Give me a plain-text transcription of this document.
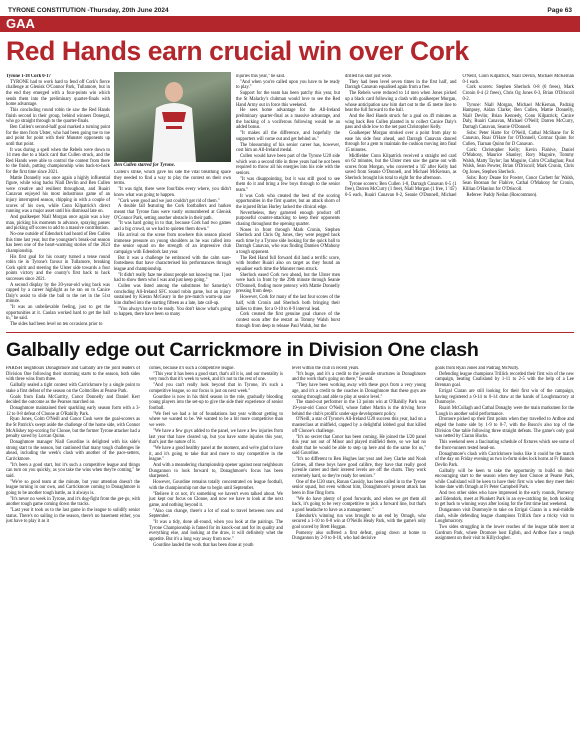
TYRONE CONSTITUTION -Thursday, 20th June 2024	Page 63
GAA
Red Hands earn crucial win over Cork

Tyrone 1-18 Cork 0-17

TYRONE had to work hard to fend off Cork's fierce challenge at Glenisk O'Connor Park, Tullamore, but in the end they emerged with a four-points win which sends them into the preliminary quarter-finals with home advantage.

This concluding round robin tie saw the Red Hands finish second in their group, behind winners Donegal, who go straight through to the quarter-finals.

Ben Cullen's second-half goal marked a turning point for the men from Ulster, who had been going toe to toe and point for point with their Munster opponents up until that point.

It was during a spell when the Rebels were down to 14 men due to a black card that Cullen struck, and the Red Hands were able to control the contest from there to the finish, putting championship wins back-to-back for the first time since 2021.

Mattie Donnelly was once again a highly influential figure, while wing backs Niall Devlin and Ben Cullen were creative and resilient throughout, and Ruairi Canavan enjoyed his most industrious game of an injury interrupted season, chipping in with a couple of scores of his own, while Conn Kilpatrick's direct running was a major asset until his dismissal late on.

And goalkeeper Niall Morgan once again was a key man, picking his moments to advance, spraying passes and picking off scores to add to a massive contribution.

No-one outside of Edendork had heard of Ben Cullen this time last year, but the youngster's break-out season has been one of the heart-warming stories of the 2024 championship.

His first goal for his county turned a tense round robin tie in Tyrone's favour in Tullamore, breaking Cork spirit and steering the Ulster side towards a four points victory and the county's first back to back successes since 2021.

A second display by the 20-year-old wing back was capped by a career highlight as he ran on to Canice Daly's assist to slide the ball to the net in the 51st minute.

"It was an unbelievable feeling, just to get the opportunities at it. Caolan worked hard to get the ball in," he said.

The sides had been level on ten occasions prior to

Ben Cullen starred for Tyrone.

Cullen's strike, which gave his side the vital breathing space they needed to find a way to play the contest on their own terms.

"It was tight, there were four/fabs every where, you didn't know what was going to happen.

"Cork were good and we just couldn't get rid of them."

A double fall featuring the Cork footballers and harken meant that Tyrone fans were vastly outnumbered at Glenisk O'Connor Park, setting another obstacle in their path.

"It was hard going in to that, because Cork had two games and a big crowd, so we had to quieten them down."

His arrival on the scene from nowhere this season placed immense pressure on young shoulders as he was called into the senior squad on the strength of an impressive club campaign with Edendork last year.

But it was a challenge he embraced with the calm sure-footedness that have characterised his performances through league and championship.

"It didn't really faze me about people not knowing me. I just had to show them who I was and just keep going."

Cullen was listed among the substitutes for Saturday's concluding All-Ireland SFC round robin game, but an injury sustained by Kieran McGeary in the pre-match warm-up saw him drafted into the starting fifteen as a late, late call-up.

"You always have to be ready. You don't know what's going to happen, there have been so many

injuries this year," he said.

"And when you're called upon you have to be ready to play."

Support for the team has been patchy this year, but the St Malachy's clubman would love to see the Red Hand Army out in force this weekend.

He sees home advantage for the All-Ireland preliminary quarter-final as a massive advantage, and the backing of a vociferous following would be an added bonus.

"It makes all the difference, and hopefully the supporters will come out and get behind us."

The blossoming of his senior career has, however, cost him an All-Ireland medal.

Cullen would have been part of the Tyrone U20 side which won a second title in three years had he not been required to throw all his energies into his role with the seniors.

"It was disappointing, but it was still good to see them do it and bring a few boys through to the senior team."

It was Cork who created the best of the scoring opportunities in the first quarter, but an attack shorn of the injured Brian Hurley lacked the clinical edge.

Nevertheless, they garnered enough product off purposeful counter-attacking to keep their opponents chasing throughout the opening quarter.

Noses in front through Mark Cronin, Stephen Sherlock and Chris Og Jones, they were pegged back each time by a Tyrone side looking for the quick ball to Darragh Canavan, who was finding Damien O'Mahony a tough opponent.

The Red Hand full forward did land a terrific score, with brother Ruairi also on target as they found an equaliser each time the Munster men struck.

Sherlock eased Cork two ahead, but the Ulster men were back in front by the 29th minute through Seanie O'Donnell, finding more potency with Mattie Donnelly pressing from deep.

However, Cork for many of the last four scores of the half, with Cronin and Sherlock both bringing their tallies to three, for a 0-10 to 0-9 interval lead.

Cork created the first genuine goal chance of the contest soon after the restart as Tommy Walsh burst through from deep to release Paul Walsh, but the

drilled his shot just wide.

They had been level seven times in the first half, and Darragh Canavan equalised again from a free.

The Rebels were reduced to 14 men when Jones picked up a black card following a clash with goalkeeper Morgan, whose anticipation saw him dart out to the 45 metre line to beat the full forward to the ball.

And the Red Hands struck for a goal on 49 minutes as wing back Ben Cullen planted in to collect Canice Daly's pass and slide low to the net past Christopher Kelly.

Goalkeeper Morgan stroked over a point from play to ease his side four ahead, and Darragh Canavan danced through for a gem to maintain the cushion moving into final 15 minutes.

Midfielder Conn Kilpatrick received a straight red card on 62 minutes, but the Ulster men saw the game out with scores from Morgan, who converted a '45' after Kelly had saved from Seanie O'Donnell, and Michael McKernan, as Sherlock brought his total to eight for the afternoon.

Tyrone scorers: Ben Cullen 1-0, Darragh Canavan 0-5 (1 free), Darren McCurry (1 free), Niall Morgan (1 free, 1 '45') 0-5 each, Ruairi Canavan 0-2, Seanie O'Donnell, Michael O'Neill, Conn Kilpatrick, Niall Devlin, Michael McKernan 0-1 each.

Cork scorers: Stephen Sherlock 0-8 (6 frees), Mark Cronin 0-4 (2 frees), Chris Og Jones 0-3, Brian O'Driscoll 0-2.

Tyrone: Niall Morgan, Michael McKernan, Padraig Hampsey, Aidan Clarke; Ben Cullen, Mattie Donnelly, Niall Devlin; Brian Kennedy, Conn Kilpatrick; Canice Daly, Ruairi Canavan, Michael O'Neill; Darren McCurry, Darragh Canavan, Seanie O'Donnell.

Subs: Peter Harte for O'Neill, Cathal McShane for R Canavan, Ruai O'Hare for O'Donnell, Cormac Quinn for Cullen, Tiarnan Quinn for D Canavan.

Cork: Christopher Kelly; Kevin Flahive, Daniel O'Mahony, Maurice Shanley; Rory Maguire, Tommy Walsh, Matty Taylor; Ian Maguire, Colm O'Callaghan; Paul Walsh, Sean Powter, Brian O'Driscoll; Mark Cronin, Chris Og Jones, Stephen Sherlock.

Subs: Rory Deane for Powter, Conor Corbett for Walsh, Sean Brosnan for Flahive, Cathal O'Mahony for Cronin, Killian O'Hanlon for O'Driscoll.

Referee: Paddy Neilan (Roscommon).

Galbally edge out Carrickmore in Division One clash

PARISH neighbours Donaghmore and Galbally are the joint leaders of Division One following their storming starts to the season, both sides with three wins from three.

Galbally sealed a tight contest with Carrickmore by a single point to stake a first defeat of the season on the Colmcilles at Pearse Park.

Goals from Enda McGarrity, Conor Donnelly and Daniel Kerr decided the outcome as the Pearses marched on.

Donaghmore maintained their sparkling early season form with a 3-12 to 0-8 defeat of Clonoe at O'Rahilly Park.

Ryan Jones, Colm O'Neill and Conor Cush were the goal-scorers as the St Patrick's swept aside the challenge of the home side, with Connor McAliskey top-scoring for Clonoe, but the former Tyrone attacker had a penalty saved by Lorcan Quinn.

Donaghmore manager Niall Gourdine is delighted with his side's strong start to the season, but cautioned that many tough challenges lie ahead, including the week's clash with another of the pace-setters, Carrickmore.

"It's been a good start, but it's such a competitive league and things can turn on you quickly, as you take the wins when they're coming," he said.

"We're so good team at the minute, but your attention doesn't the league turning in our own, and Carrickmore coming to Donaghmore is going to be another tough battle, as it always is.

"It's never no week in Tyrone, and it's dog-fight from the get-go, with another tough game coming down the tracks.

"Last year it took us to the last game in the league to solidify senior status. There's no sailing in the season, there's no basement either, you just have to play it as it

comes, because it's such a competitive league.

"This year it has been a good start, that's all it is, and our mentality is very much that it's week to week, and it's not to the rest of one.

"And you can't really look beyond that in Tyrone, it's such a competitive league, so our focus is just on next week."

Gourdine is now in his third season in the role, gradually blooding young players into the set-up to give the side their experience of senior football.

"We feel we had a lot of foundations last year without getting to where we wanted to be. We wanted to be a bit more competitive than we were.

"We have a few guys added to the panel, we have a few injuries from last year that have cleared up, but you have some injuries this year, that's just the nature of it.

"We have a good healthy panel at the moment, and we're glad to have it, and it's going to take that and more to stay competitive in the league."

And with a meandering championship opener against near neighbours Dungannon to look forward to, Donaghmore's focus has been sharpened.

However, Gourdine remains totally concentrated on league football, with the championship not due to begin until September.

"Believe it or not, it's something we haven't even talked about. We just kept our focus on Clonoe, and now we have to look at the next game, and nothing beyond it.

"Also can change, there's a lot of road to travel between now and September.

"It was a tidy, done all-round, when you look at the pairings. The Tyrone Championship is famed for its knock-out and for its quality and everything else, and looking at the draw, it will definitely whet the appetite. But it's a long way away from now."

Gourdine lauded the work that has been done at youth

level within the club in recent years.

"It's huge, and it's a credit to the juvenile structures in Donaghmore and the work that's going on there," he said.

"They have been working away with these guys from a very young age, and it's a credit to the coaches in Donaghmore that these guys are coming through and able to play at senior level."

The stand-out performer in the 13 points win at O'Rahilly Park was 19-year-old Conor O'Neill, whose father Martin is the driving force behind the club's prolific under-age development policy.

O'Neill, a star of Tyrone's All-Ireland U20 success this year, had on a masterclass at midfield, capped by a delightful lobbed goal that killed off Clonoe's challenge.

"It's no secret that Conor has been coming. He joined the U20 panel this year not out of Minor and played midfield there, so we had no doubt that he would be able to step up here and do the same for us," said Gourdine.

"It's no different to Ben Hughes last year and Joey Clarke and Noah Grimes, all these boys have good calibre, they have that really good juvenile career and their interest levels are off the charts. They work extremely hard, so they're ready for seniors."

One of the U20 stars, Ronan Cassidy, has been called in to the Tyrone senior squad, but even without him, Donaghmore's present attack has been in fine fling form.

"We do have plenty of good forwards, and when we get them all back, it's going to be very competitive to pick a forward line, but that's a good headache to have as a management."

Edendork's winning run was brought to an end by Omagh, who secured a 1-10 to 0-8 win at O'Neills Healy Park, with the game's only goal scored by Brett Hoggan.

Pomeroy also suffered a first defeat, going down at home to Dungannon by 2-9 to 0-10, who had decisive

goals from Ryan Jones and Padraig McNulty.

Defending league champions Trillick recorded their first win of the new campaign, beating Coalisland by 1-11 to 2-5 with the help of a Lee Brennan goal.

Errigal Ciaran are still looking for their first win of the campaign, having registered a 0-14 to 0-14 draw at the hands of Loughmacrory at Dunmoyle.

Ruairi McCullagh and Cathal Donaghy were the main marksmen for the 'Lough in another solid performance.

Dromore picked up their first points when they travelled to Ardboe and edged the home side by 1-9 to 0-7, with the Bosco's also top of the Division One table following three straight defeats. The game's only goal was netted by Ciaran Hucks.

This weekend sees a fascinating schedule of fixtures which see some of the front-runners tested head-on.

Donaghmore's clash with Carrickmore looks like it could be the match of the day on Friday evening as two in-form sides lock horns at Fr Bannon Devlin Park.

Galbally will be keen to take the opportunity to build on their encouraging start to the season when they host Clonoe at Pearse Park, while Coalisland will be keen to have their first win when they meet their home date with Omagh at Fr Peter Campbell Park.

And two other sides who have impressed in the early rounds, Pomeroy and Edendork, meet at Plunkett Park in an eye-catching tie, both looking to get back to winning ways after losing for the first time last weekend.

Dungannon visit Dunmoyle to take on Errigal Ciaran in a real-middle clash, while defending league champions Trillick face a tricky visit to Loughmacrory.

Two sides struggling in the lower reaches of the league table meet at Gardrum Park, where Dromore host Eglish, and Ardboe face a tough assignment on their visit to Killyclogher.
